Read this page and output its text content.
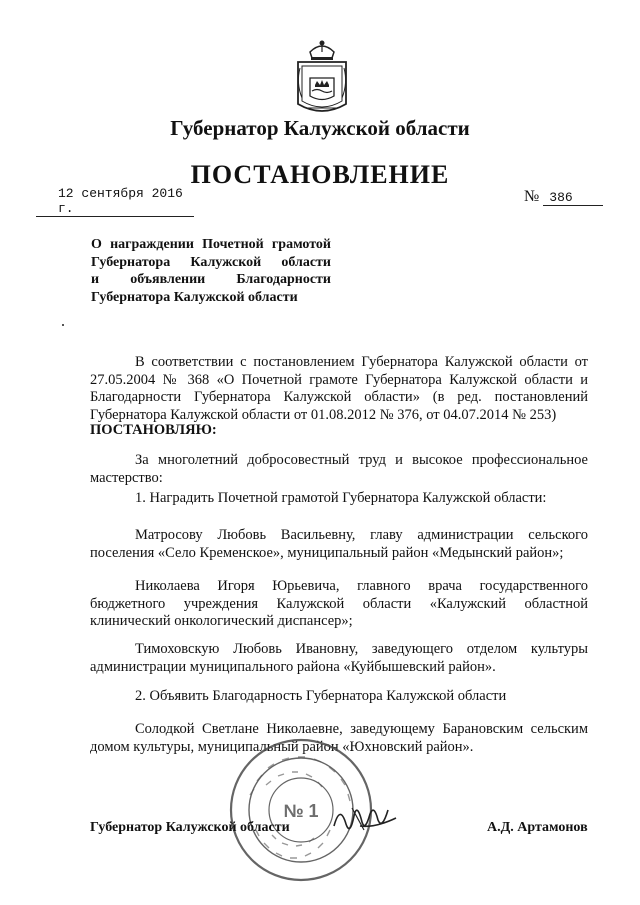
Губернатор Калужской области
ПОСТАНОВЛЕНИЕ
12 сентября 2016 г.
№ 386
О награждении Почетной грамотой
Губернатора Калужской области
и объявлении Благодарности
Губернатора Калужской области
В соответствии с постановлением Губернатора Калужской области от 27.05.2004 № 368 «О Почетной грамоте Губернатора Калужской области и Благодарности Губернатора Калужской области» (в ред. постановлений Губернатора Калужской области от 01.08.2012 № 376, от 04.07.2014 № 253)
ПОСТАНОВЛЯЮ:
За многолетний добросовестный труд и высокое профессиональное мастерство:
1. Наградить Почетной грамотой Губернатора Калужской области:
Матросову Любовь Васильевну, главу администрации сельского поселения «Село Кременское», муниципальный район «Медынский район»;
Николаева Игоря Юрьевича, главного врача государственного бюджетного учреждения Калужской области «Калужский областной клинический онкологический диспансер»;
Тимоховскую Любовь Ивановну, заведующего отделом культуры администрации муниципального района «Куйбышевский район».
2. Объявить Благодарность Губернатора Калужской области
Солодкой Светлане Николаевне, заведующему Барановским сельским домом культуры, муниципальный район «Юхновский район».
№ 1
Губернатор Калужской области	А.Д. Артамонов
